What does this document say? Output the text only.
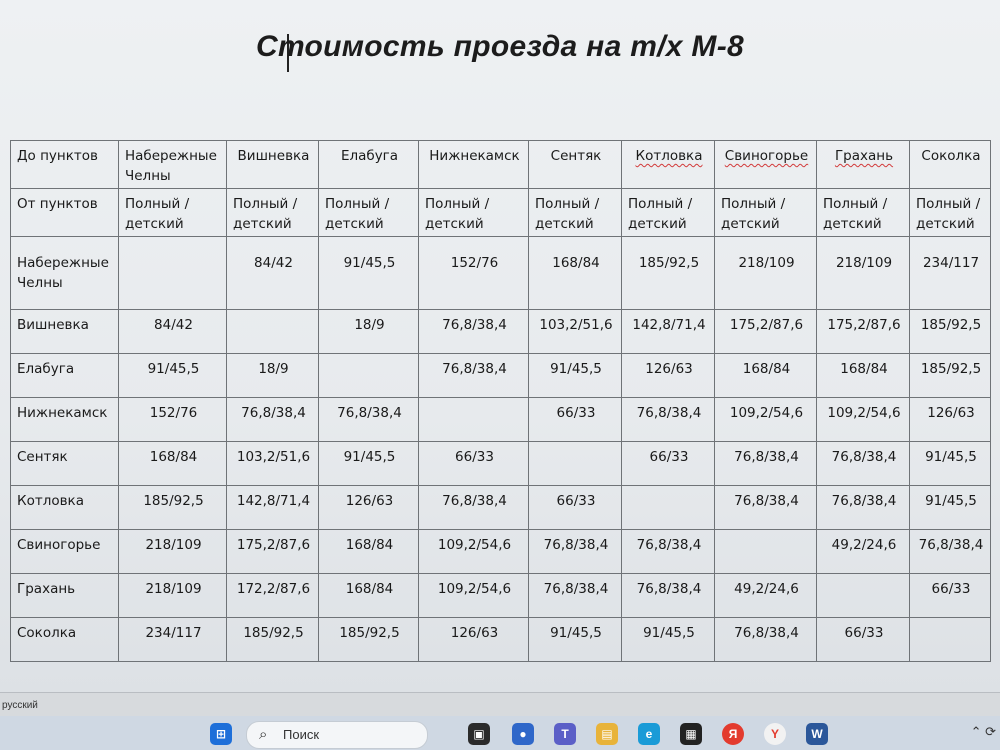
Стоимость проезда на т/х М-8
До пунктов	Набережные Челны	Вишневка	Елабуга	Нижнекамск	Сентяк	Котловка	Свиногорье	Грахань	Соколка
От пунктов	Полный /детский	Полный /детский	Полный /детский	Полный /детский	Полный /детский	Полный /детский	Полный /детский	Полный /детский	Полный /детский
Набережные Челны		84/42	91/45,5	152/76	168/84	185/92,5	218/109	218/109	234/117
Вишневка	84/42		18/9	76,8/38,4	103,2/51,6	142,8/71,4	175,2/87,6	175,2/87,6	185/92,5
Елабуга	91/45,5	18/9		76,8/38,4	91/45,5	126/63	168/84	168/84	185/92,5
Нижнекамск	152/76	76,8/38,4	76,8/38,4		66/33	76,8/38,4	109,2/54,6	109,2/54,6	126/63
Сентяк	168/84	103,2/51,6	91/45,5	66/33		66/33	76,8/38,4	76,8/38,4	91/45,5
Котловка	185/92,5	142,8/71,4	126/63	76,8/38,4	66/33		76,8/38,4	76,8/38,4	91/45,5
Свиногорье	218/109	175,2/87,6	168/84	109,2/54,6	76,8/38,4	76,8/38,4		49,2/24,6	76,8/38,4
Грахань	218/109	172,2/87,6	168/84	109,2/54,6	76,8/38,4	76,8/38,4	49,2/24,6		66/33
Соколка	234/117	185/92,5	185/92,5	126/63	91/45,5	91/45,5	76,8/38,4	66/33	
русский
⊞	⌕ Поиск	▣	●	T	▤	e	▦	Я	Y	W	⌃ ⟳
